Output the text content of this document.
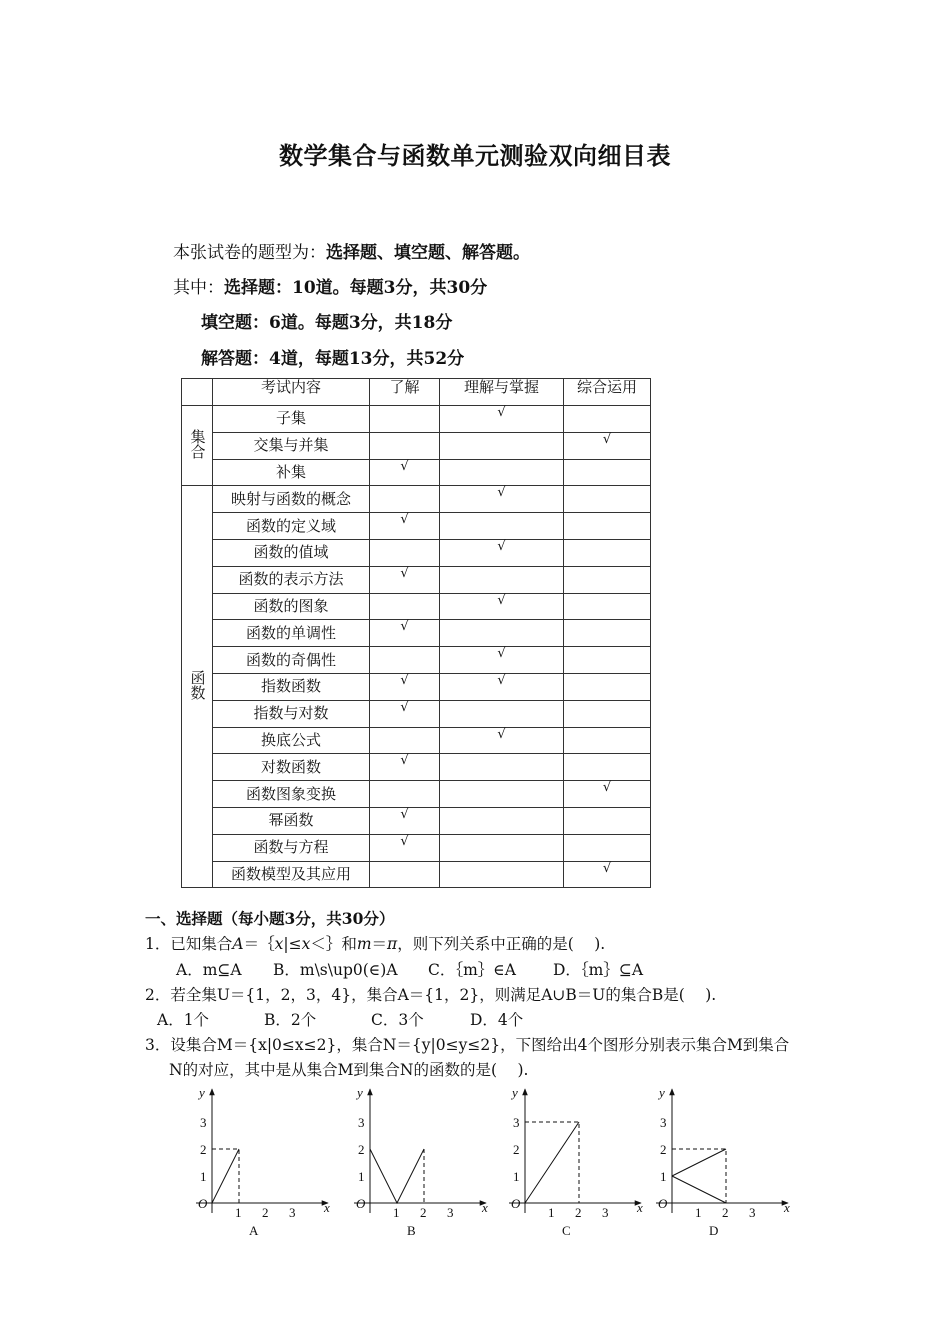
数学集合与函数单元测验双向细目表
本张试卷的题型为：选择题、填空题、解答题。
其中：选择题：10道。每题3分，共30分
填空题：6道。每题3分，共18分
解答题：4道，每题13分，共52分
	考试内容	了解	理解与掌握	综合运用
集合	子集		√	
	交集与并集			√
	补集	√		
函数	映射与函数的概念		√	
	函数的定义域	√		
	函数的值域		√	
	函数的表示方法	√		
	函数的图象		√	
	函数的单调性	√		
	函数的奇偶性		√	
	指数函数	√	√	
	指数与对数	√		
	换底公式		√	
	对数函数	√		
	函数图象变换			√
	幂函数	√		
	函数与方程	√		
	函数模型及其应用			√
一、选择题（每小题3分，共30分）
1．已知集合A＝｛x|≤x＜｝和m＝π，则下列关系中正确的是(　 ).
A．m⊆A B．m\s\up0(∈)A C．｛m｝∈A D．｛m｝⊆A
2．若全集U＝{1，2，3，4}，集合A＝{1，2}，则满足A∪B＝U的集合B是(　 ).
A．1个	B．2个	C．3个	D．4个
3．设集合M＝{x|0≤x≤2}，集合N＝{y|0≤y≤2}，下图给出4个图形分别表示集合M到集合
N的对应，其中是从集合M到集合N的函数的是(　 ).
1 2 3
1
2
3
O	x
y
A
1 2 3
1
2
3
O	x
y
B
1 2 3
1
2
3
O	x
y
C
1 2 3
1
2
3
O	x
y
D
